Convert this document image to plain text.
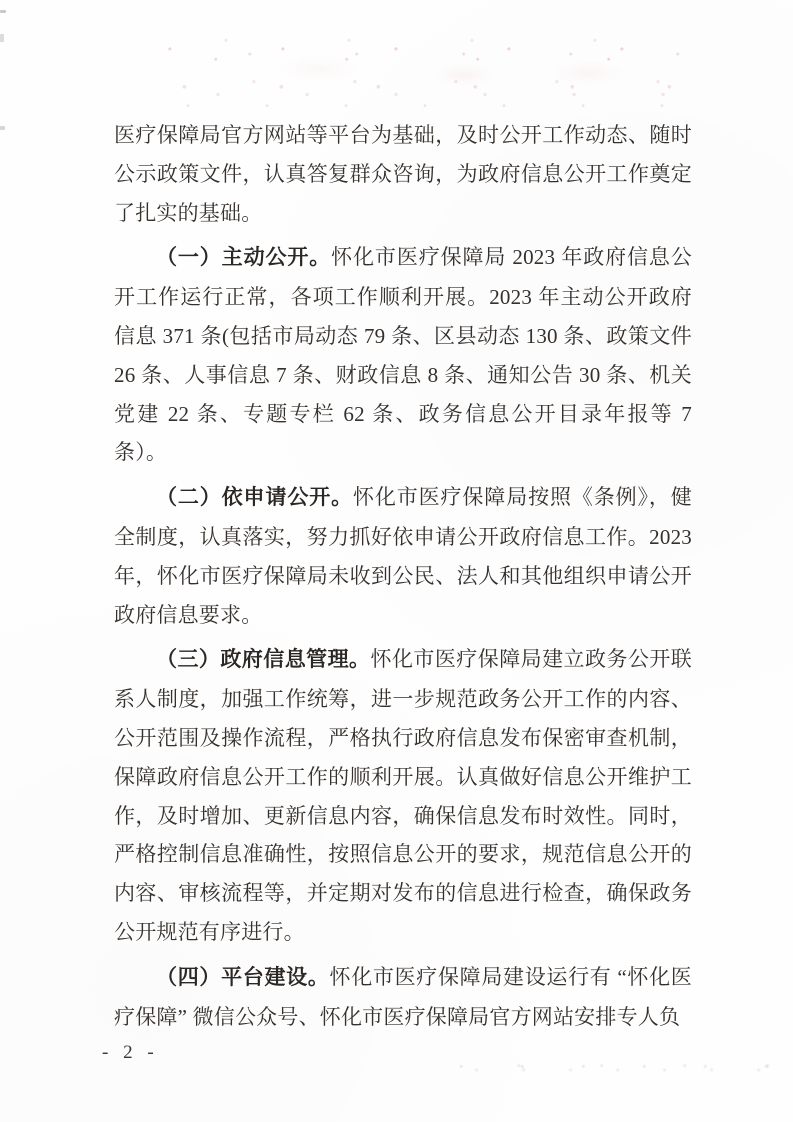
医疗保障局官方网站等平台为基础，及时公开工作动态、随时公示政策文件，认真答复群众咨询，为政府信息公开工作奠定了扎实的基础。

（一）主动公开。怀化市医疗保障局 2023 年政府信息公开工作运行正常，各项工作顺利开展。2023 年主动公开政府信息 371 条(包括市局动态 79 条、区县动态 130 条、政策文件 26 条、人事信息 7 条、财政信息 8 条、通知公告 30 条、机关党建 22 条、专题专栏 62 条、政务信息公开目录年报等 7 条）。

（二）依申请公开。怀化市医疗保障局按照《条例》，健全制度，认真落实，努力抓好依申请公开政府信息工作。2023 年，怀化市医疗保障局未收到公民、法人和其他组织申请公开政府信息要求。

（三）政府信息管理。怀化市医疗保障局建立政务公开联系人制度，加强工作统筹，进一步规范政务公开工作的内容、公开范围及操作流程，严格执行政府信息发布保密审查机制，保障政府信息公开工作的顺利开展。认真做好信息公开维护工作，及时增加、更新信息内容，确保信息发布时效性。同时，严格控制信息准确性，按照信息公开的要求，规范信息公开的内容、审核流程等，并定期对发布的信息进行检查，确保政务公开规范有序进行。

（四）平台建设。怀化市医疗保障局建设运行有 “怀化医疗保障” 微信公众号、怀化市医疗保障局官方网站安排专人负

- 2 -
